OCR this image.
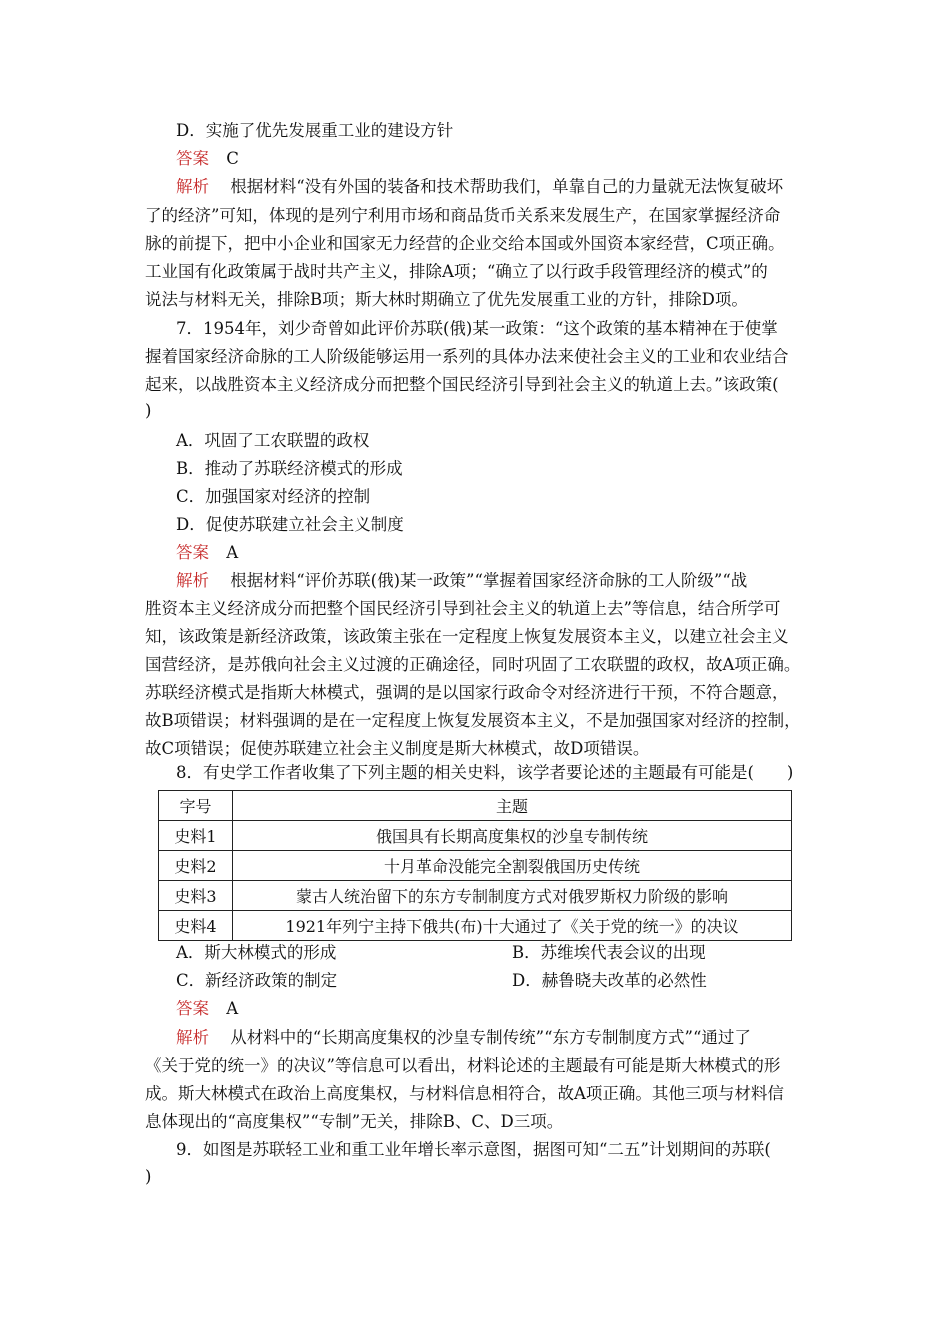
D．实施了优先发展重工业的建设方针
答案 C
解析 根据材料“没有外国的装备和技术帮助我们，单靠自己的力量就无法恢复破坏
了的经济”可知，体现的是列宁利用市场和商品货币关系来发展生产，在国家掌握经济命
脉的前提下，把中小企业和国家无力经营的企业交给本国或外国资本家经营，C项正确。
工业国有化政策属于战时共产主义，排除A项；“确立了以行政手段管理经济的模式”的
说法与材料无关，排除B项；斯大林时期确立了优先发展重工业的方针，排除D项。
7．1954年，刘少奇曾如此评价苏联(俄)某一政策：“这个政策的基本精神在于使掌
握着国家经济命脉的工人阶级能够运用一系列的具体办法来使社会主义的工业和农业结合
起来，以战胜资本主义经济成分而把整个国民经济引导到社会主义的轨道上去。”该政策(
)
A．巩固了工农联盟的政权
B．推动了苏联经济模式的形成
C．加强国家对经济的控制
D．促使苏联建立社会主义制度
答案 A
解析 根据材料“评价苏联(俄)某一政策”“掌握着国家经济命脉的工人阶级”“战
胜资本主义经济成分而把整个国民经济引导到社会主义的轨道上去”等信息，结合所学可
知，该政策是新经济政策，该政策主张在一定程度上恢复发展资本主义，以建立社会主义
国营经济，是苏俄向社会主义过渡的正确途径，同时巩固了工农联盟的政权，故A项正确。
苏联经济模式是指斯大林模式，强调的是以国家行政命令对经济进行干预，不符合题意，
故B项错误；材料强调的是在一定程度上恢复发展资本主义，不是加强国家对经济的控制，
故C项错误；促使苏联建立社会主义制度是斯大林模式，故D项错误。
8．有史学工作者收集了下列主题的相关史料，该学者要论述的主题最有可能是(　　)
字号	主题
史料1	俄国具有长期高度集权的沙皇专制传统
史料2	十月革命没能完全割裂俄国历史传统
史料3	蒙古人统治留下的东方专制制度方式对俄罗斯权力阶级的影响
史料4	1921年列宁主持下俄共(布)十大通过了《关于党的统一》的决议
A．斯大林模式的形成	B．苏维埃代表会议的出现
C．新经济政策的制定	D．赫鲁晓夫改革的必然性
答案 A
解析 从材料中的“长期高度集权的沙皇专制传统”“东方专制制度方式”“通过了
《关于党的统一》的决议”等信息可以看出，材料论述的主题最有可能是斯大林模式的形
成。斯大林模式在政治上高度集权，与材料信息相符合，故A项正确。其他三项与材料信
息体现出的“高度集权”“专制”无关，排除B、C、D三项。
9．如图是苏联轻工业和重工业年增长率示意图，据图可知“二五”计划期间的苏联(
)
